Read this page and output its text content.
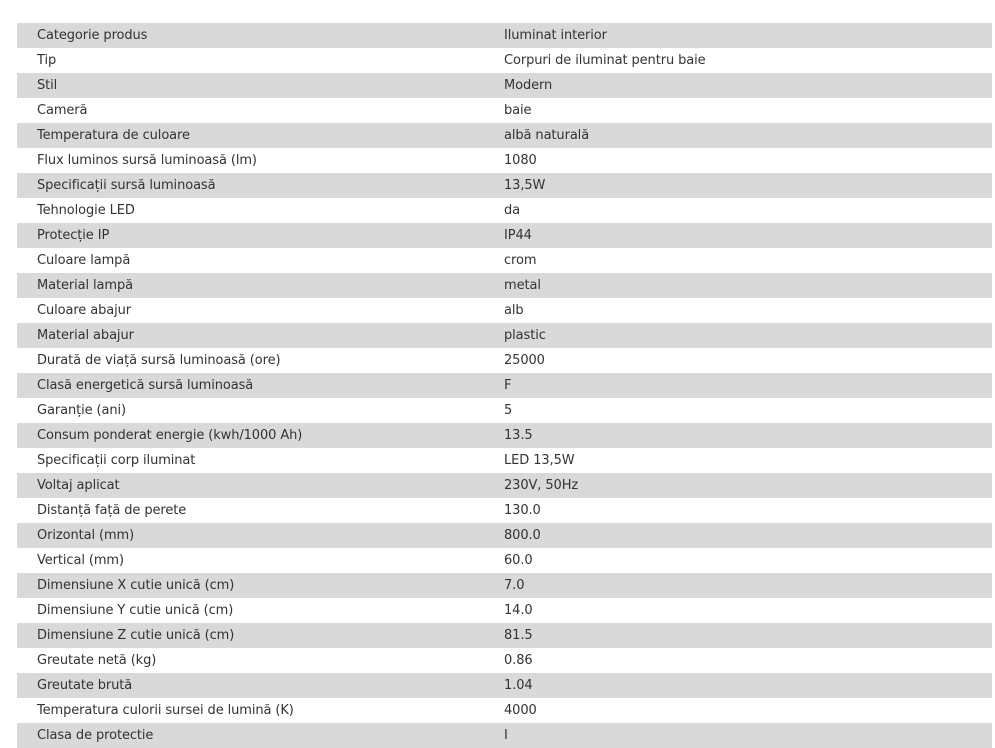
Categorie produs	Iluminat interior
Tip	Corpuri de iluminat pentru baie
Stil	Modern
Cameră	baie
Temperatura de culoare	albă naturală
Flux luminos sursă luminoasă (lm)	1080
Specificații sursă luminoasă	13,5W
Tehnologie LED	da
Protecție IP	IP44
Culoare lampă	crom
Material lampă	metal
Culoare abajur	alb
Material abajur	plastic
Durată de viață sursă luminoasă (ore)	25000
Clasă energetică sursă luminoasă	F
Garanție (ani)	5
Consum ponderat energie (kwh/1000 Ah)	13.5
Specificații corp iluminat	LED 13,5W
Voltaj aplicat	230V, 50Hz
Distanță față de perete	130.0
Orizontal (mm)	800.0
Vertical (mm)	60.0
Dimensiune X cutie unică (cm)	7.0
Dimensiune Y cutie unică (cm)	14.0
Dimensiune Z cutie unică (cm)	81.5
Greutate netă (kg)	0.86
Greutate brută	1.04
Temperatura culorii sursei de lumină (K)	4000
Clasa de protectie	I
